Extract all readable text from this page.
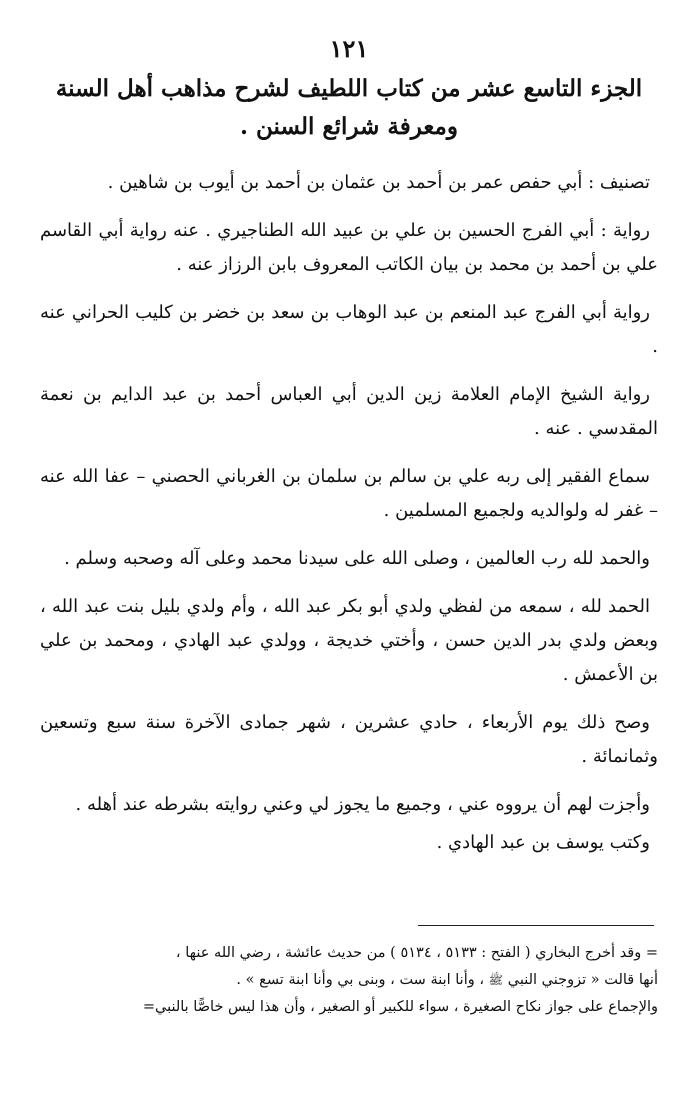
١٢١
الجزء التاسع عشر من كتاب اللطيف لشرح مذاهب أهل السنة ومعرفة شرائع السنن .

تصنيف : أبي حفص عمر بن أحمد بن عثمان بن أحمد بن أيوب بن شاهين .

رواية : أبي الفرج الحسين بن علي بن عبيد الله الطناجيري . عنه رواية أبي القاسم علي بن أحمد بن محمد بن بيان الكاتب المعروف بابن الرزاز عنه .

رواية أبي الفرج عبد المنعم بن عبد الوهاب بن سعد بن خضر بن كليب الحراني عنه .

رواية الشيخ الإمام العلامة زين الدين أبي العباس أحمد بن عبد الدايم بن نعمة المقدسي . عنه .

سماع الفقير إلى ربه علي بن سالم بن سلمان بن الغرباني الحصني – عفا الله عنه – غفر له ولوالديه ولجميع المسلمين .

والحمد لله رب العالمين ، وصلى الله على سيدنا محمد وعلى آله وصحبه وسلم .

الحمد لله ، سمعه من لفظي ولدي أبو بكر عبد الله ، وأم ولدي بليل بنت عبد الله ، وبعض ولدي بدر الدين حسن ، وأختي خديجة ، وولدي عبد الهادي ، ومحمد بن علي بن الأعمش .

وصح ذلك يوم الأربعاء ، حادي عشرين ، شهر جمادى الآخرة سنة سبع وتسعين وثمانمائة .

وأجزت لهم أن يرووه عني ، وجميع ما يجوز لي وعني روايته بشرطه عند أهله .

وكتب يوسف بن عبد الهادي .

= وقد أخرج البخاري ( الفتح : ٥١٣٣ ، ٥١٣٤ ) من حديث عائشة ، رضي الله عنها ،
أنها قالت « تزوجني النبي ﷺ ، وأنا ابنة ست ، وبنى بي وأنا ابنة تسع » .
والإجماع على جواز نكاح الصغيرة ، سواء للكبير أو الصغير ، وأن هذا ليس خاصًّا بالنبي=
